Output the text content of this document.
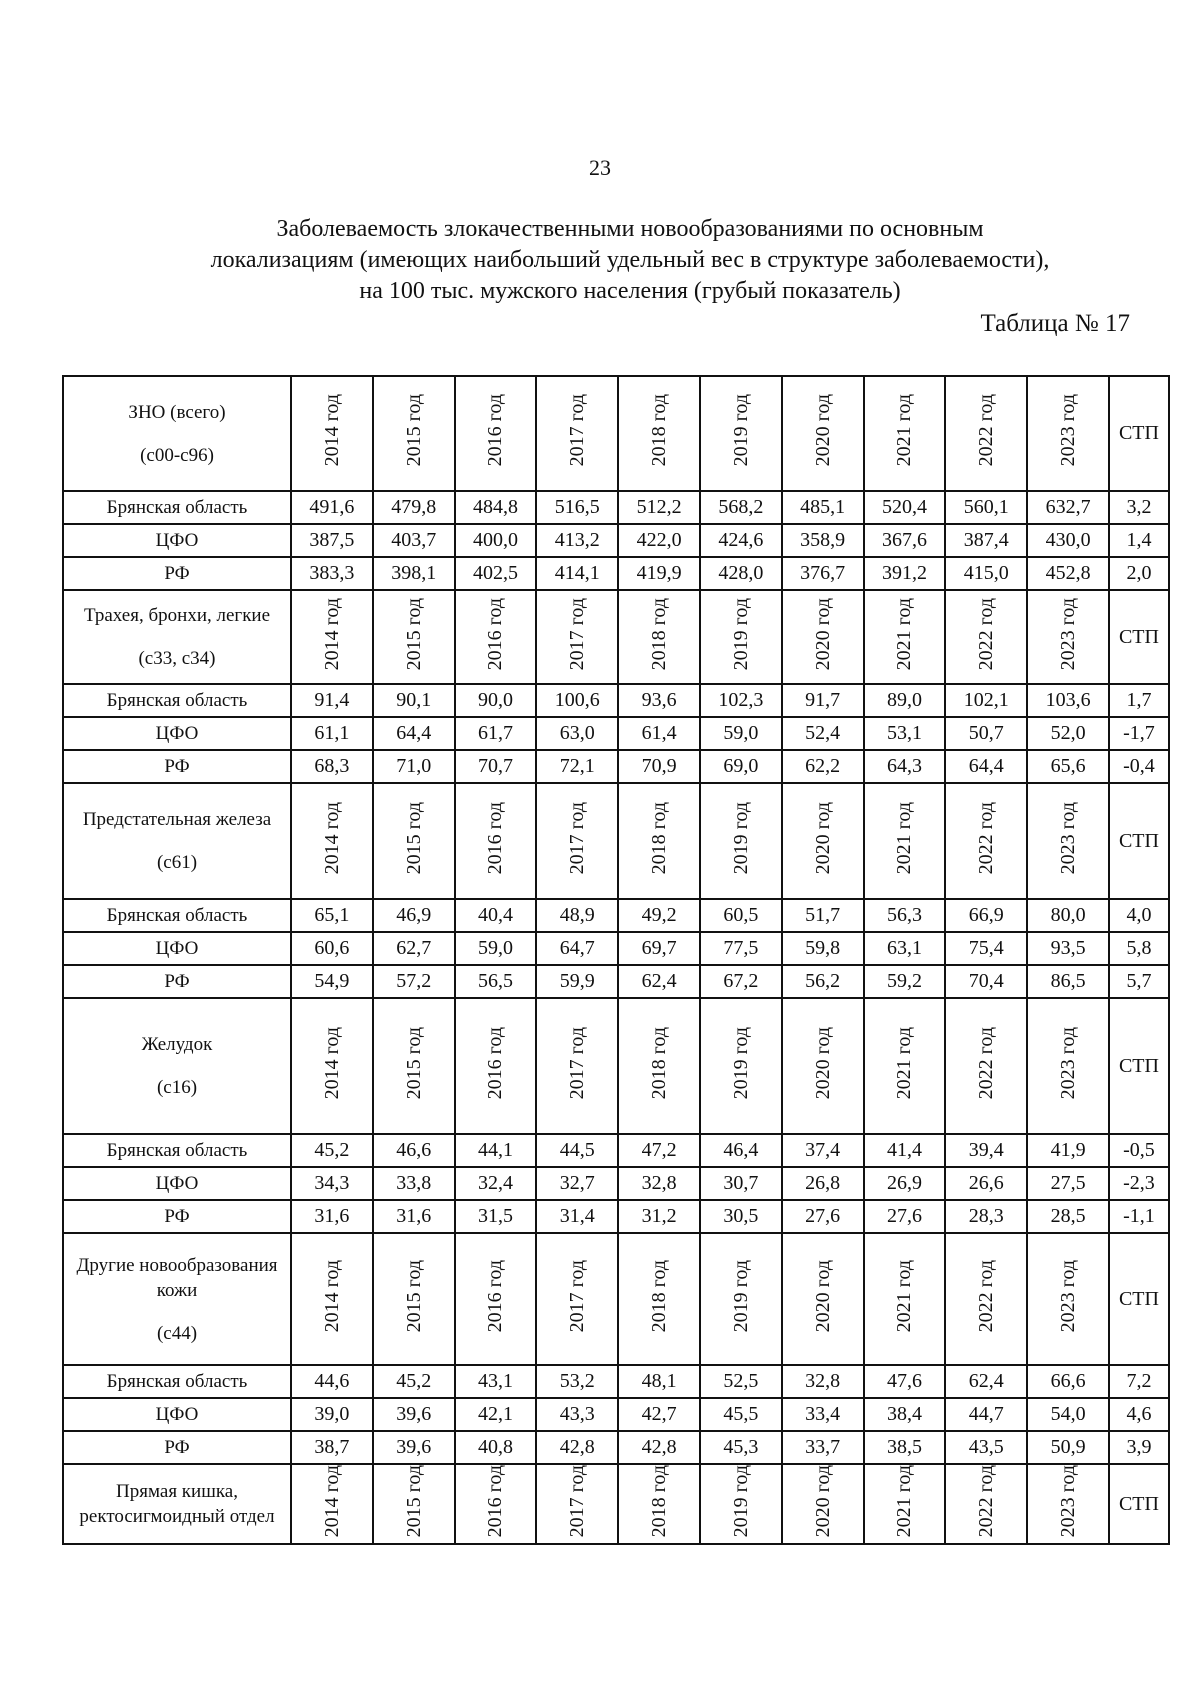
23
Заболеваемость злокачественными новообразованиями по основным
локализациям (имеющих наибольший удельный вес в структуре заболеваемости),
на 100 тыс. мужского населения (грубый показатель)
Таблица № 17
ЗНО (всего)
(с00-с96)	2014 год	2015 год	2016 год	2017 год	2018 год	2019 год	2020 год	2021 год	2022 год	2023 год	СТП
Брянская область	491,6	479,8	484,8	516,5	512,2	568,2	485,1	520,4	560,1	632,7	3,2
ЦФО	387,5	403,7	400,0	413,2	422,0	424,6	358,9	367,6	387,4	430,0	1,4
РФ	383,3	398,1	402,5	414,1	419,9	428,0	376,7	391,2	415,0	452,8	2,0
Трахея, бронхи, легкие
(с33, с34)	2014 год	2015 год	2016 год	2017 год	2018 год	2019 год	2020 год	2021 год	2022 год	2023 год	СТП
Брянская область	91,4	90,1	90,0	100,6	93,6	102,3	91,7	89,0	102,1	103,6	1,7
ЦФО	61,1	64,4	61,7	63,0	61,4	59,0	52,4	53,1	50,7	52,0	-1,7
РФ	68,3	71,0	70,7	72,1	70,9	69,0	62,2	64,3	64,4	65,6	-0,4
Предстательная железа
(с61)	2014 год	2015 год	2016 год	2017 год	2018 год	2019 год	2020 год	2021 год	2022 год	2023 год	СТП
Брянская область	65,1	46,9	40,4	48,9	49,2	60,5	51,7	56,3	66,9	80,0	4,0
ЦФО	60,6	62,7	59,0	64,7	69,7	77,5	59,8	63,1	75,4	93,5	5,8
РФ	54,9	57,2	56,5	59,9	62,4	67,2	56,2	59,2	70,4	86,5	5,7
Желудок
(с16)	2014 год	2015 год	2016 год	2017 год	2018 год	2019 год	2020 год	2021 год	2022 год	2023 год	СТП
Брянская область	45,2	46,6	44,1	44,5	47,2	46,4	37,4	41,4	39,4	41,9	-0,5
ЦФО	34,3	33,8	32,4	32,7	32,8	30,7	26,8	26,9	26,6	27,5	-2,3
РФ	31,6	31,6	31,5	31,4	31,2	30,5	27,6	27,6	28,3	28,5	-1,1
Другие новообразования кожи
(с44)	2014 год	2015 год	2016 год	2017 год	2018 год	2019 год	2020 год	2021 год	2022 год	2023 год	СТП
Брянская область	44,6	45,2	43,1	53,2	48,1	52,5	32,8	47,6	62,4	66,6	7,2
ЦФО	39,0	39,6	42,1	43,3	42,7	45,5	33,4	38,4	44,7	54,0	4,6
РФ	38,7	39,6	40,8	42,8	42,8	45,3	33,7	38,5	43,5	50,9	3,9
Прямая кишка, ректосигмоидный отдел	2014 год	2015 год	2016 год	2017 год	2018 год	2019 год	2020 год	2021 год	2022 год	2023 год	СТП
